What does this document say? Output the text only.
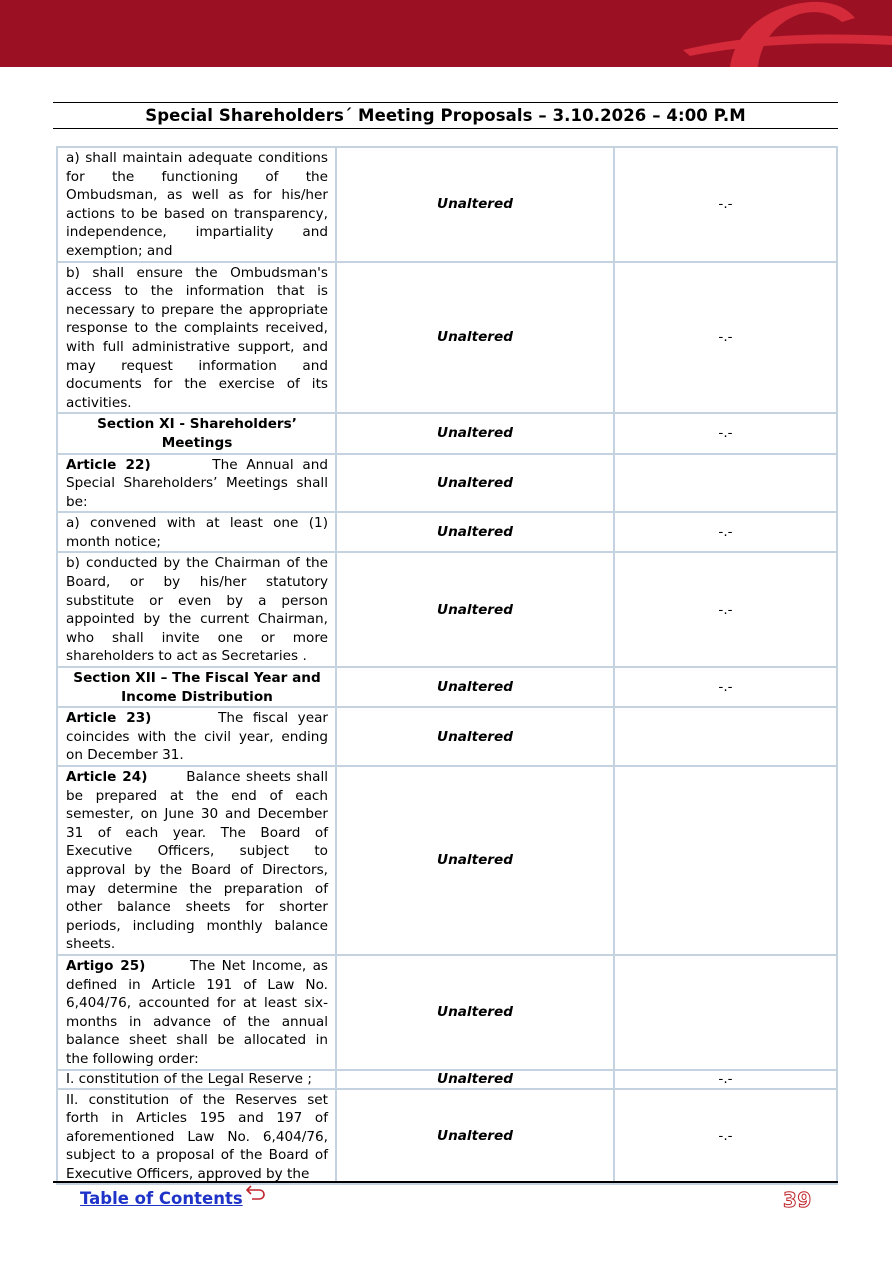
Special Shareholders´ Meeting Proposals – 3.10.2026 – 4:00 P.M
a) shall maintain adequate conditions for the functioning of the Ombudsman, as well as for his/her actions to be based on transparency, independence, impartiality and exemption; and	Unaltered	-.-
b) shall ensure the Ombudsman's access to the information that is necessary to prepare the appropriate response to the complaints received, with full administrative support, and may request information and documents for the exercise of its activities.	Unaltered	-.-
Section XI - Shareholders’ Meetings	Unaltered	-.-
Article 22) The Annual and Special Shareholders’ Meetings shall be:	Unaltered	
a) convened with at least one (1) month notice;	Unaltered	-.-
b) conducted by the Chairman of the Board, or by his/her statutory substitute or even by a person appointed by the current Chairman, who shall invite one or more shareholders to act as Secretaries .	Unaltered	-.-
Section XII – The Fiscal Year and Income Distribution	Unaltered	-.-
Article 23) The fiscal year coincides with the civil year, ending on December 31.	Unaltered	
Article 24) Balance sheets shall be prepared at the end of each semester, on June 30 and December 31 of each year. The Board of Executive Officers, subject to approval by the Board of Directors, may determine the preparation of other balance sheets for shorter periods, including monthly balance sheets.	Unaltered	
Artigo 25) The Net Income, as defined in Article 191 of Law No. 6,404/76, accounted for at least six-months in advance of the annual balance sheet shall be allocated in the following order:	Unaltered	
I. constitution of the Legal Reserve ;	Unaltered	-.-
II. constitution of the Reserves set forth in Articles 195 and 197 of aforementioned Law No. 6,404/76, subject to a proposal of the Board of Executive Officers, approved by the	Unaltered	-.-
Table of Contents	39
